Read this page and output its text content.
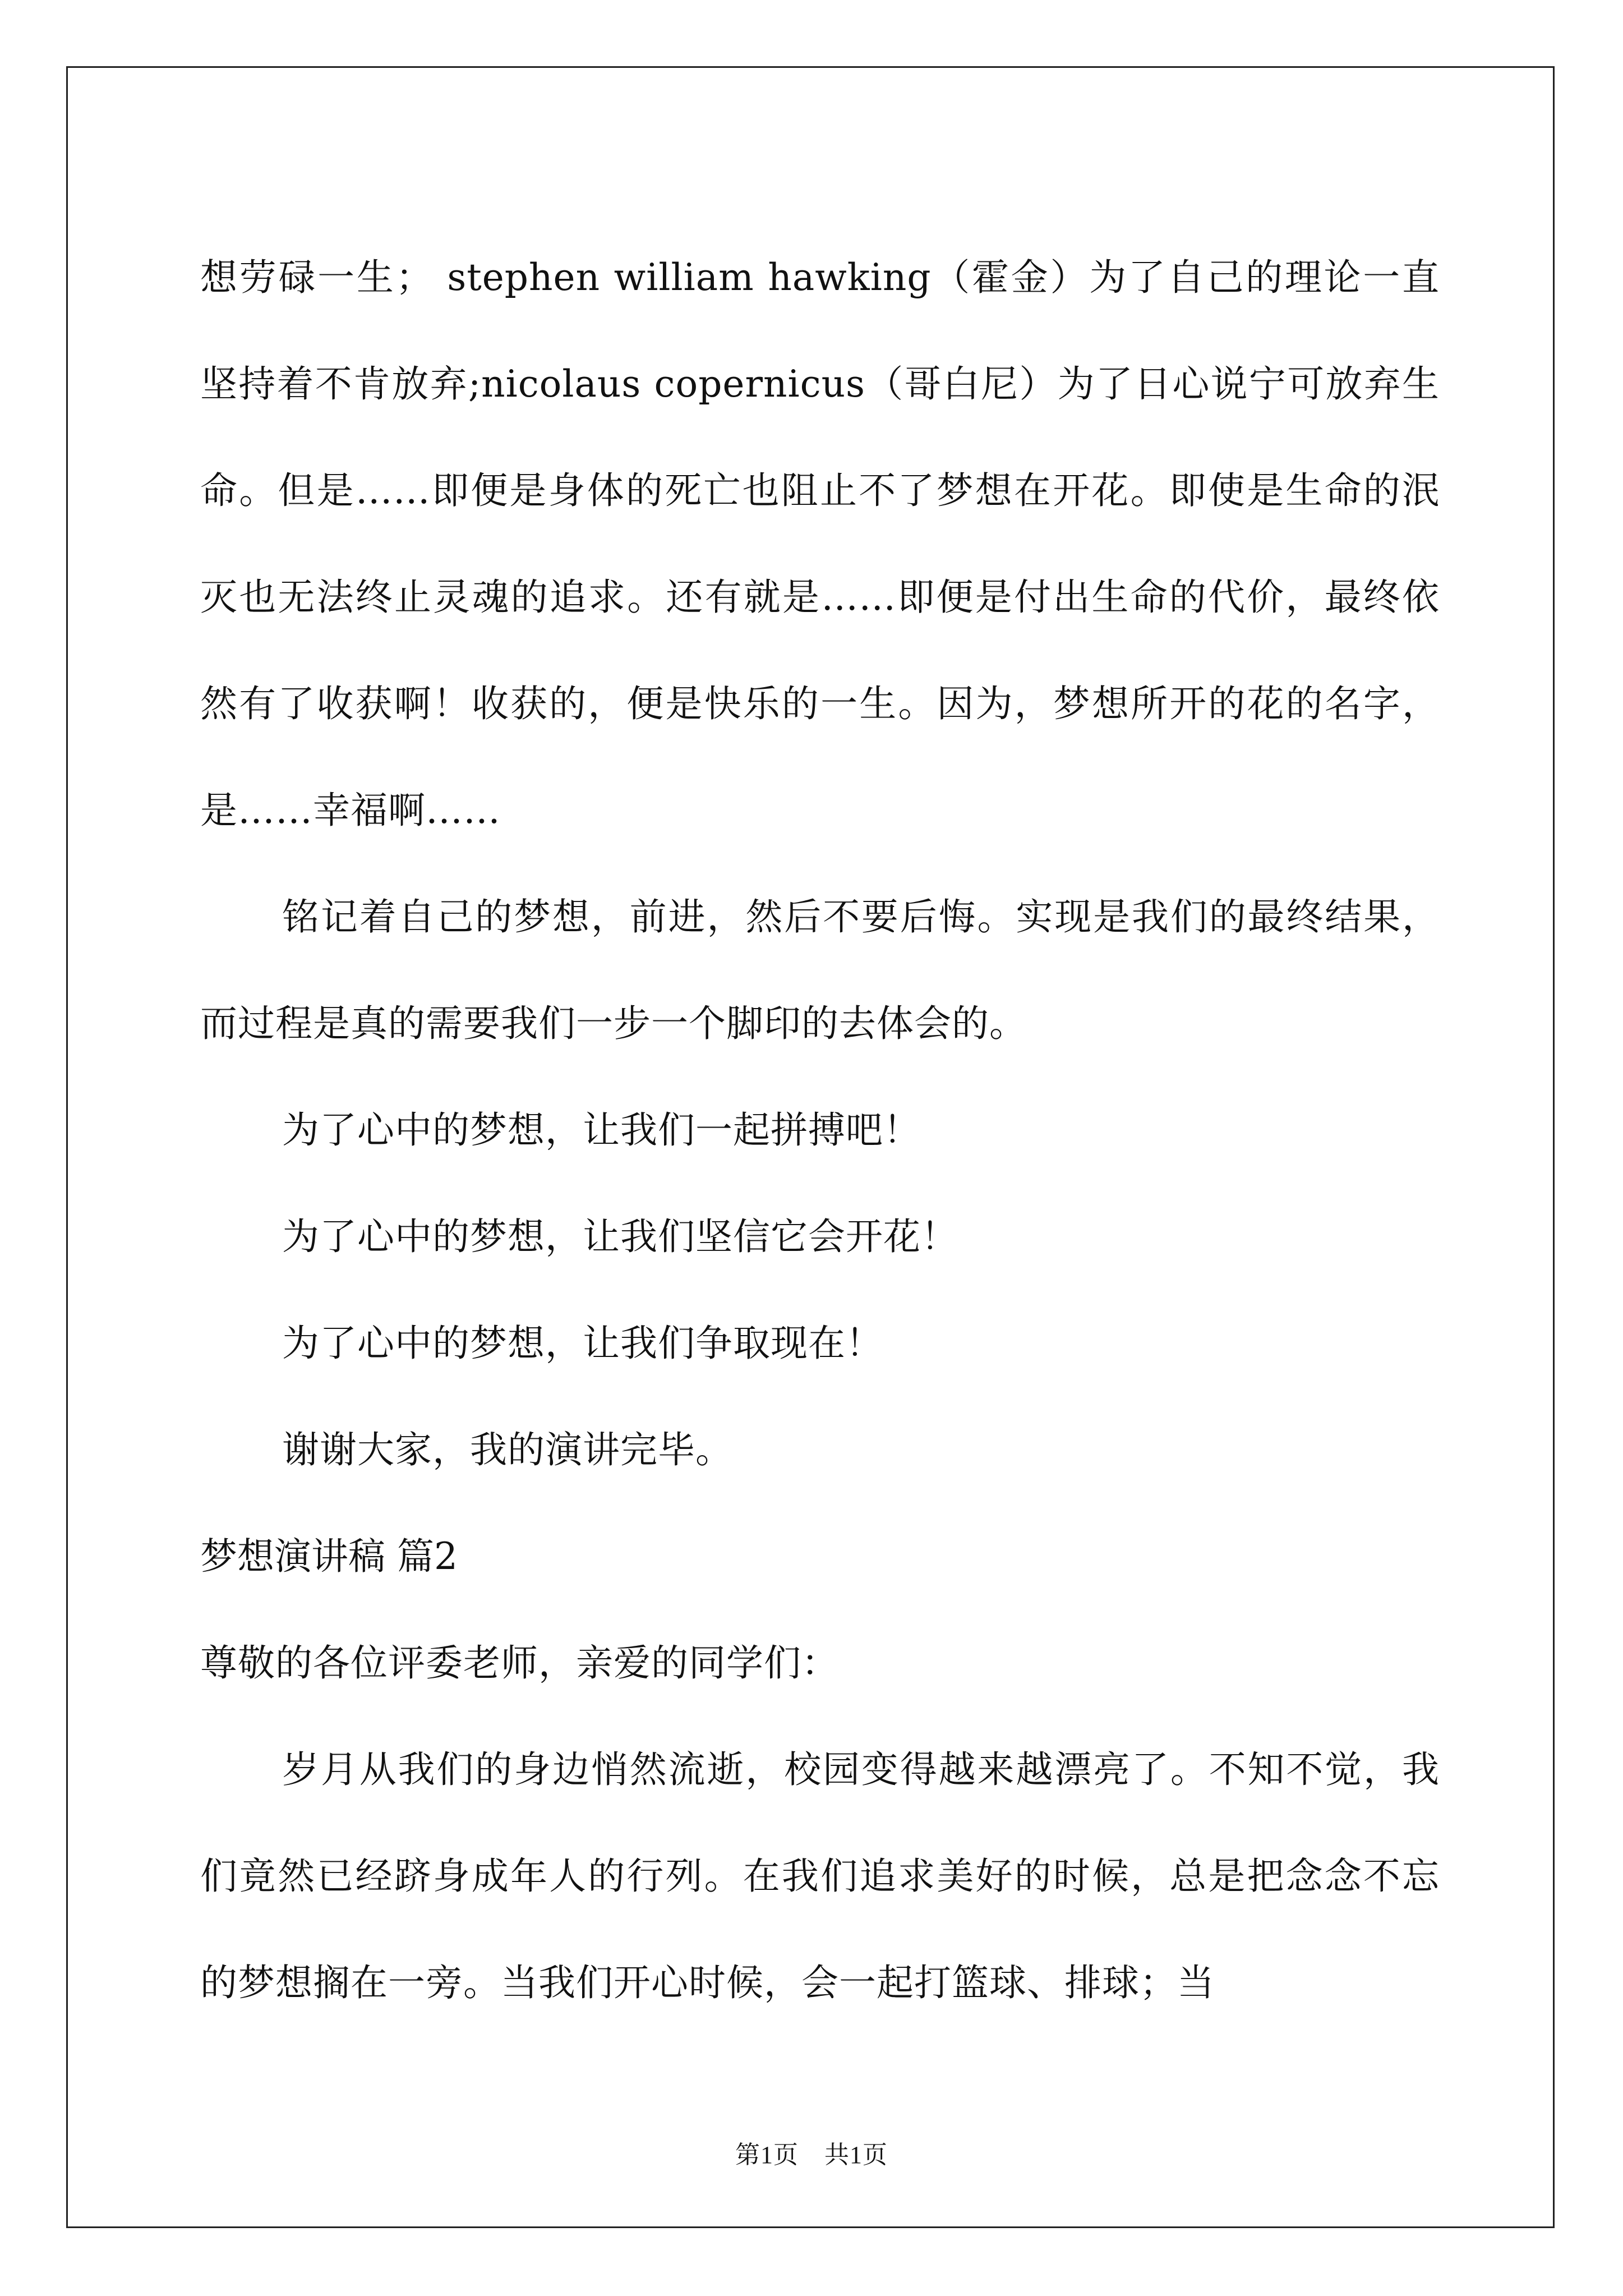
想劳碌一生； stephen william hawking（霍金）为了自己的理论一直坚持着不肯放弃;nicolaus copernicus（哥白尼）为了日心说宁可放弃生命。但是……即便是身体的死亡也阻止不了梦想在开花。即使是生命的泯灭也无法终止灵魂的追求。还有就是……即便是付出生命的代价，最终依然有了收获啊！收获的，便是快乐的一生。因为，梦想所开的花的名字，是……幸福啊……

铭记着自己的梦想，前进，然后不要后悔。实现是我们的最终结果，而过程是真的需要我们一步一个脚印的去体会的。

为了心中的梦想，让我们一起拼搏吧！

为了心中的梦想，让我们坚信它会开花！

为了心中的梦想，让我们争取现在！

谢谢大家，我的演讲完毕。

梦想演讲稿 篇2

尊敬的各位评委老师，亲爱的同学们：

岁月从我们的身边悄然流逝，校园变得越来越漂亮了。不知不觉，我们竟然已经跻身成年人的行列。在我们追求美好的时候，总是把念念不忘的梦想搁在一旁。当我们开心时候，会一起打篮球、排球；当

第1页 共1页
